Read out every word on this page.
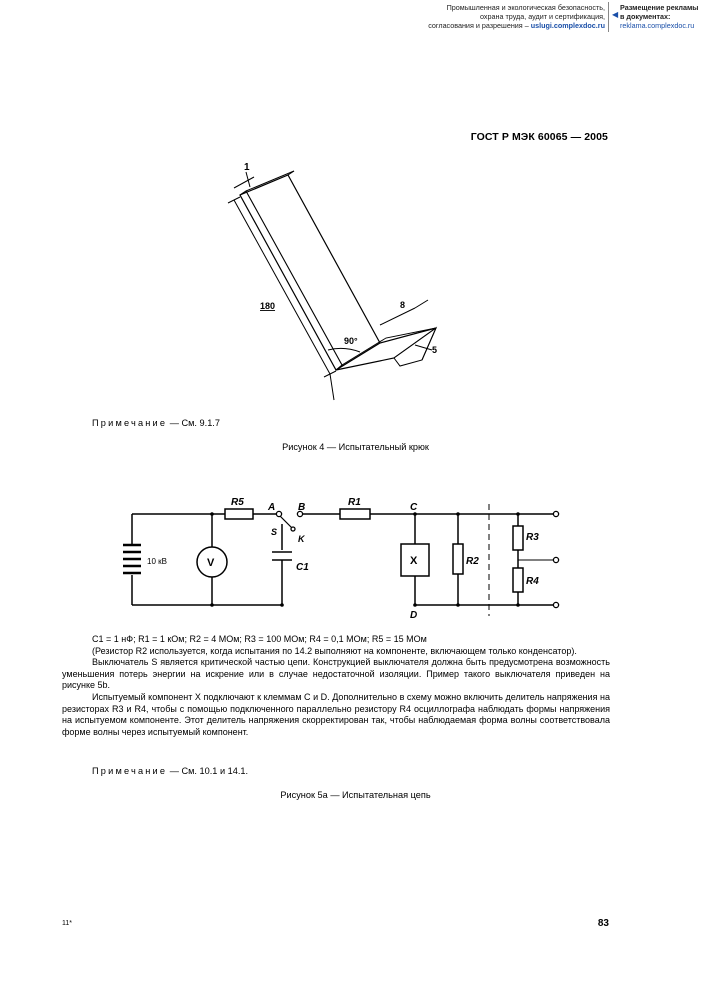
Промышленная и экологическая безопасность,
охрана труда, аудит и сертификация,
согласования и разрешения – uslugi.complexdoc.ru
◀
Размещение рекламы
в документах:
reklama.complexdoc.ru
ГОСТ Р МЭК 60065 — 2005
1
180
90°
8
5
Примечание — См. 9.1.7
Рисунок 4 — Испытательный крюк
R5	R1
R2
R3
R4
A B	C
D
S
K
C1
V	X
10 кВ

C1 = 1 нФ; R1 = 1 кОм; R2 = 4 МОм; R3 = 100 МОм; R4 = 0,1 МОм; R5 = 15 МОм

(Резистор R2 используется, когда испытания по 14.2 выполняют на компоненте, включающем только конденсатор).

Выключатель S является критической частью цепи. Конструкцией выключателя должна быть предусмотрена возможность уменьшения потерь энергии на искрение или в случае недостаточной изоляции. Пример такого выключателя приведен на рисунке 5b.

Испытуемый компонент X подключают к клеммам C и D. Дополнительно в схему можно включить делитель напряжения на резисторах R3 и R4, чтобы с помощью подключенного параллельно резистору R4 осциллографа наблюдать формы напряжения на испытуемом компоненте. Этот делитель напряжения скорректирован так, чтобы наблюдаемая форма волны соответствовала форме волны через испытуемый компонент.

Примечание — См. 10.1 и 14.1.
Рисунок 5а — Испытательная цепь
11*	83
